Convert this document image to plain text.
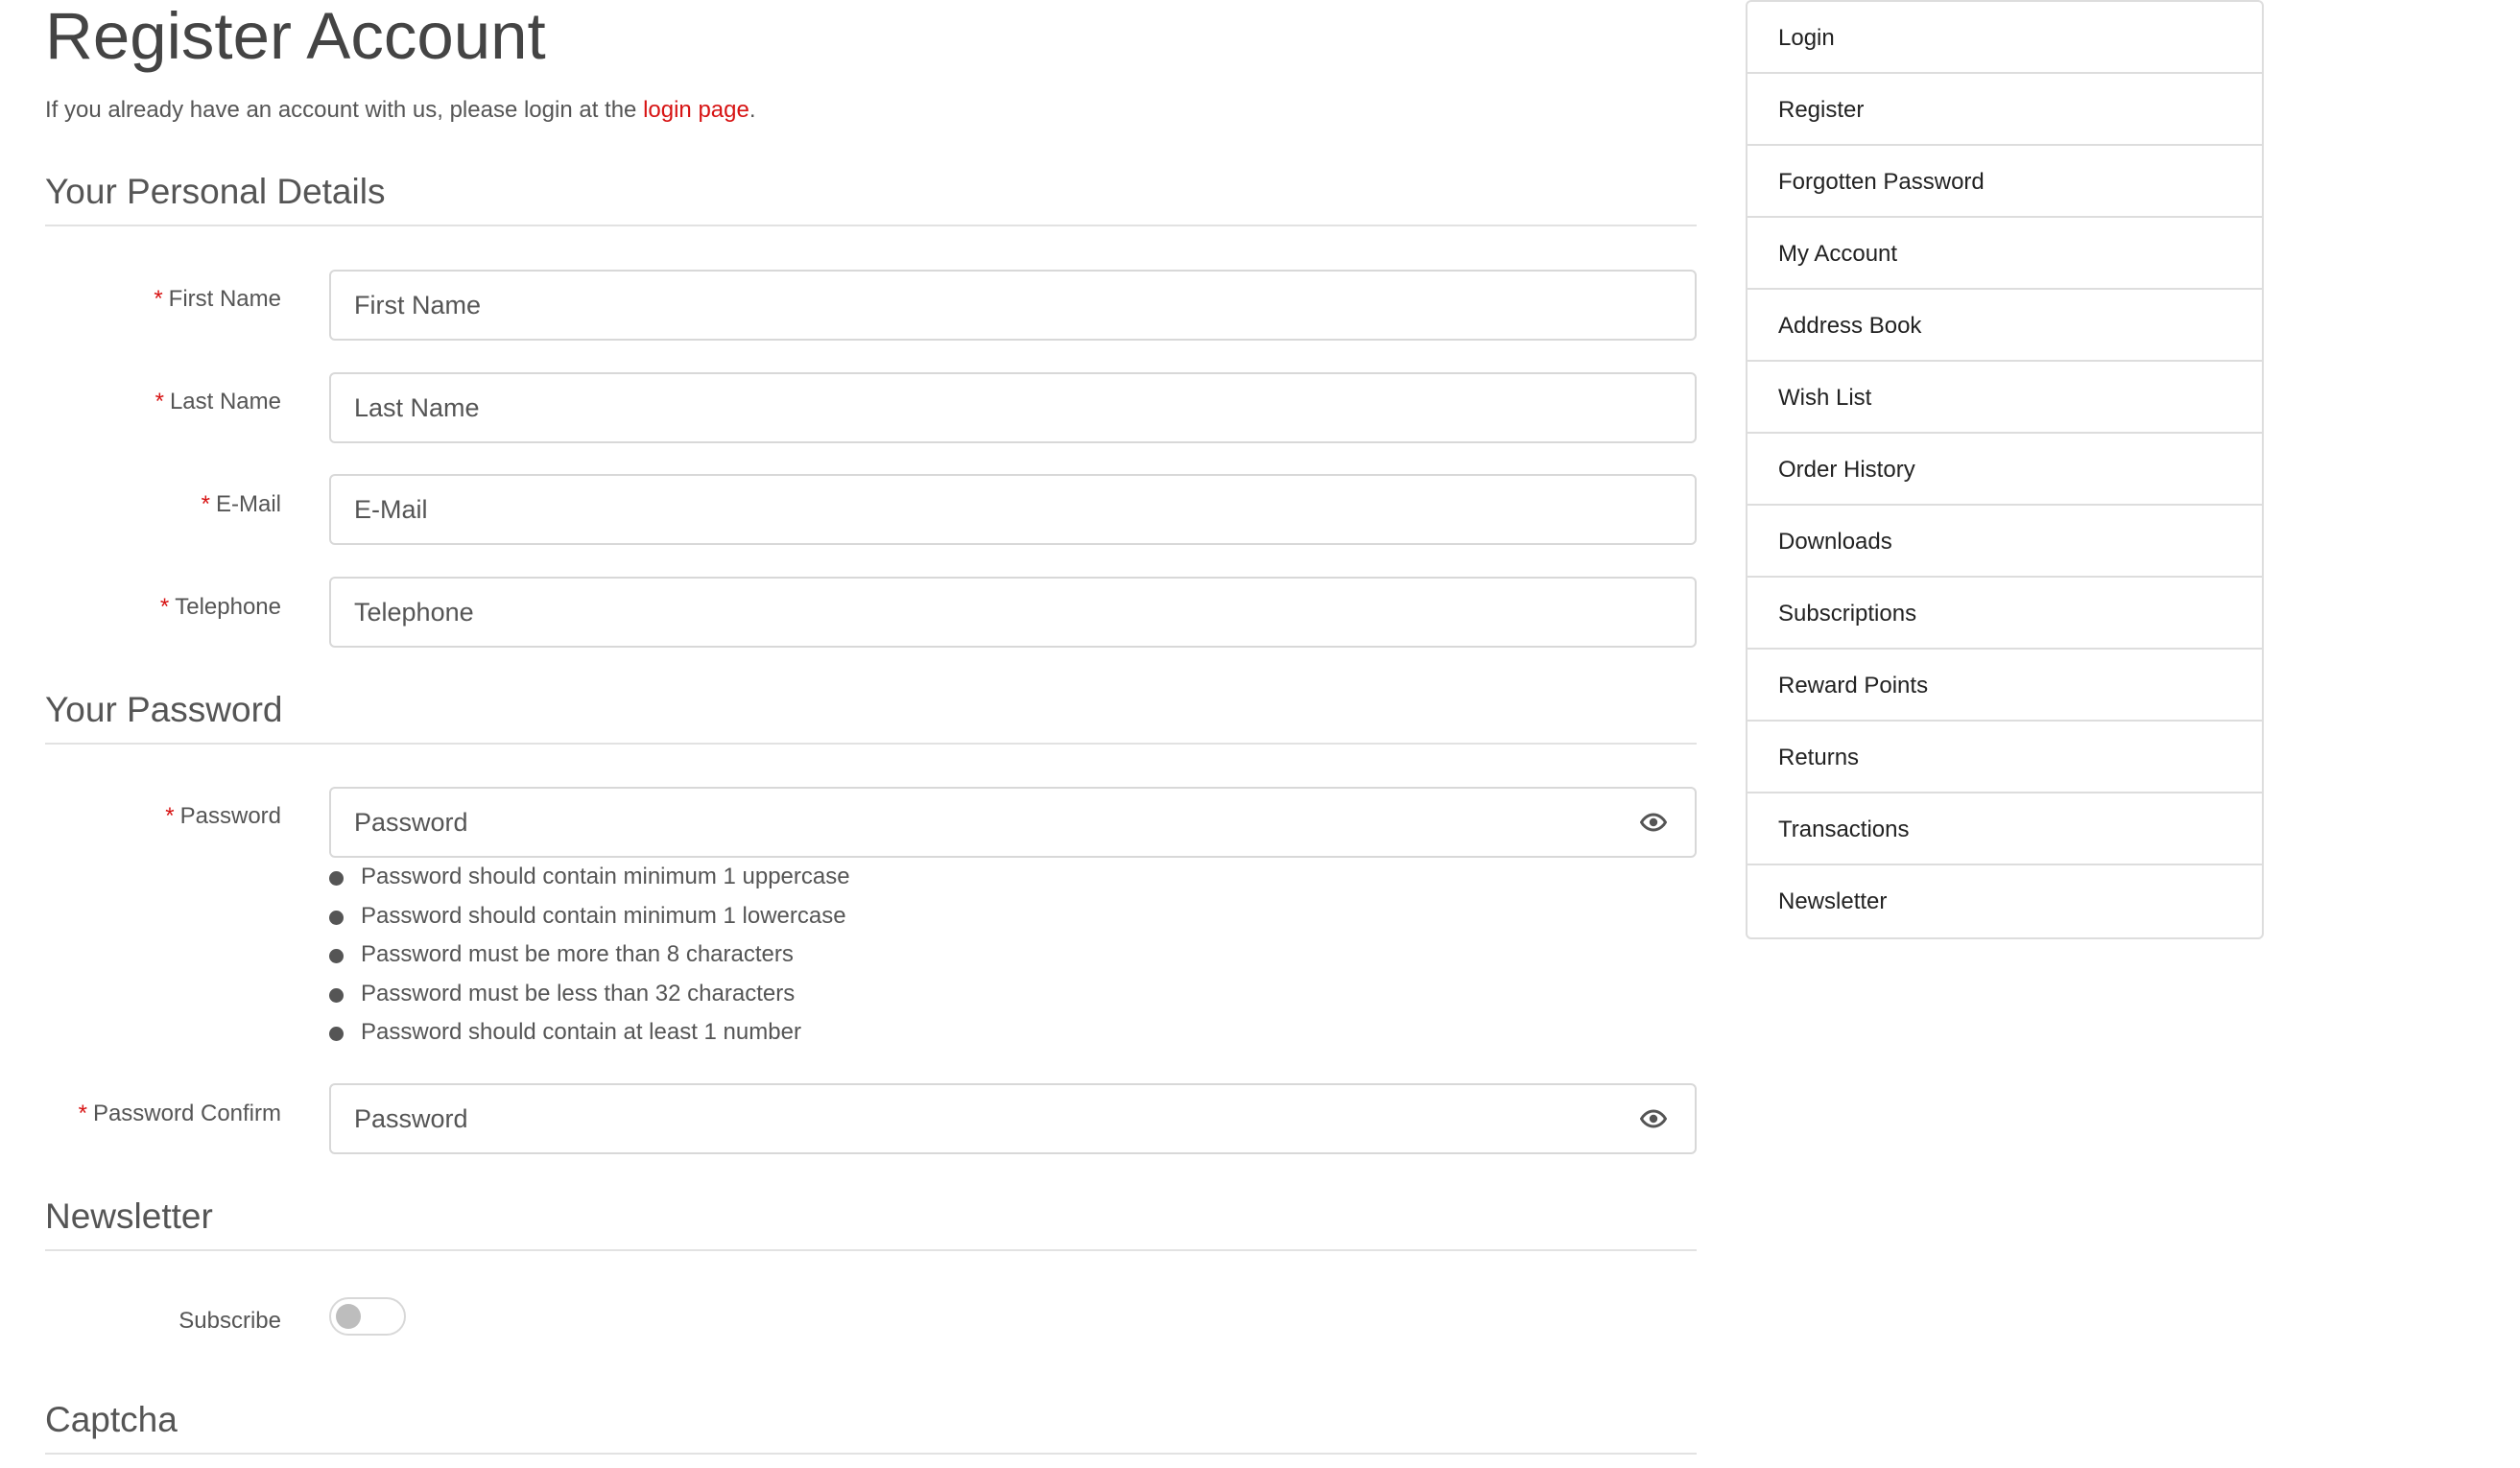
Register Account
If you already have an account with us, please login at the login page.
Your Personal Details
* First Name
First Name
* Last Name
Last Name
* E-Mail
E-Mail
* Telephone
Telephone
Your Password
* Password
Password should contain minimum 1 uppercase
Password should contain minimum 1 lowercase
Password must be more than 8 characters
Password must be less than 32 characters
Password should contain at least 1 number
* Password Confirm
Newsletter
Subscribe
Captcha
Login
Register
Forgotten Password
My Account
Address Book
Wish List
Order History
Downloads
Subscriptions
Reward Points
Returns
Transactions
Newsletter
